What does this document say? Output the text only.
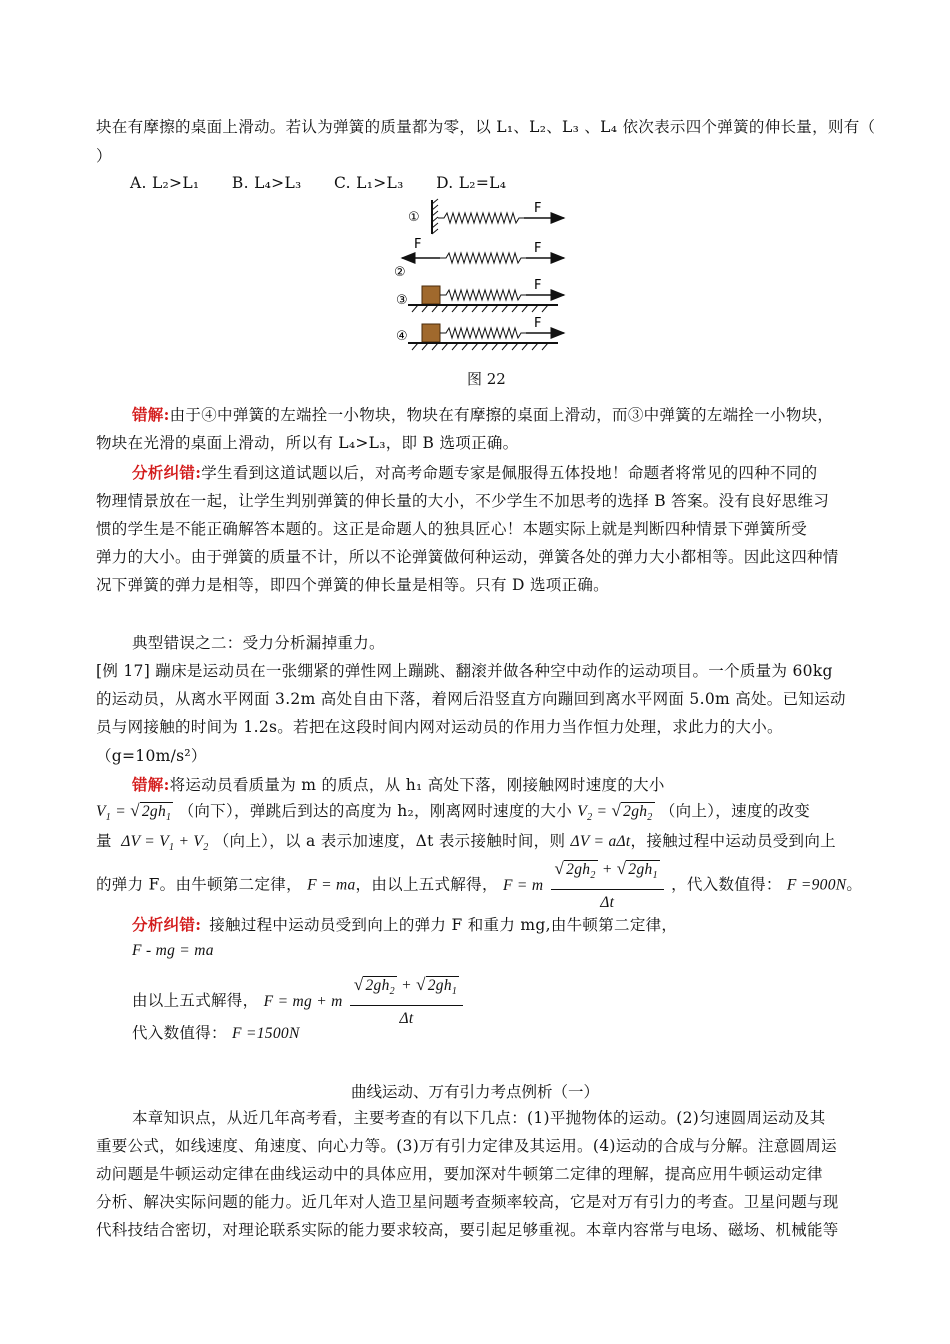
块在有摩擦的桌面上滑动。若认为弹簧的质量都为零，以 L₁、L₂、L₃ 、L₄ 依次表示四个弹簧的伸长量，则有（
）
A. L₂>L₁ B. L₄>L₃ C. L₁>L₃ D. L₂=L₄
①
F
F
②
F
③
F
④
F
图 22
错解:由于④中弹簧的左端拴一小物块，物块在有摩擦的桌面上滑动，而③中弹簧的左端拴一小物块，
物块在光滑的桌面上滑动，所以有 L₄>L₃，即 B 选项正确。
分析纠错:学生看到这道试题以后，对高考命题专家是佩服得五体投地！命题者将常见的四种不同的
物理情景放在一起，让学生判别弹簧的伸长量的大小，不少学生不加思考的选择 B 答案。没有良好思维习
惯的学生是不能正确解答本题的。这正是命题人的独具匠心！本题实际上就是判断四种情景下弹簧所受
弹力的大小。由于弹簧的质量不计，所以不论弹簧做何种运动，弹簧各处的弹力大小都相等。因此这四种情
况下弹簧的弹力是相等，即四个弹簧的伸长量是相等。只有 D 选项正确。
典型错误之二：受力分析漏掉重力。
[例 17] 蹦床是运动员在一张绷紧的弹性网上蹦跳、翻滚并做各种空中动作的运动项目。一个质量为 60kg
的运动员，从离水平网面 3.2m 高处自由下落，着网后沿竖直方向蹦回到离水平网面 5.0m 高处。已知运动
员与网接触的时间为 1.2s。若把在这段时间内网对运动员的作用力当作恒力处理，求此力的大小。
（g=10m/s²）
错解:将运动员看质量为 m 的质点，从 h₁ 高处下落，刚接触网时速度的大小
$V_1$ = √ $2gh_1$ （向下），弹跳后到达的高度为 h₂，刚离网时速度的大小 $V_2$ = √ $2gh_2$ （向上），速度的改变
量  $\Delta V = V_1 + V_2$ （向上），以 a 表示加速度，Δt 表示接触时间，则 ΔV = aΔt，接触过程中运动员受到向上
的弹力 F。由牛顿第二定律， F = ma，由以上五式解得， F = m $\frac{√ 2gh_2 + √ 2gh_1}{\Delta t}$ ，代入数值得： F =900N。
分析纠错: 接触过程中运动员受到向上的弹力 F 和重力 mg,由牛顿第二定律，
F - mg = ma
由以上五式解得， F = mg + m $\frac{√ 2gh_2 + √ 2gh_1}{\Delta t}$
代入数值得： F =1500N
曲线运动、万有引力考点例析（一）
本章知识点，从近几年高考看，主要考查的有以下几点：(1)平抛物体的运动。(2)匀速圆周运动及其
重要公式，如线速度、角速度、向心力等。(3)万有引力定律及其运用。(4)运动的合成与分解。注意圆周运
动问题是牛顿运动定律在曲线运动中的具体应用，要加深对牛顿第二定律的理解，提高应用牛顿运动定律
分析、解决实际问题的能力。近几年对人造卫星问题考查频率较高，它是对万有引力的考查。卫星问题与现
代科技结合密切，对理论联系实际的能力要求较高，要引起足够重视。本章内容常与电场、磁场、机械能等
